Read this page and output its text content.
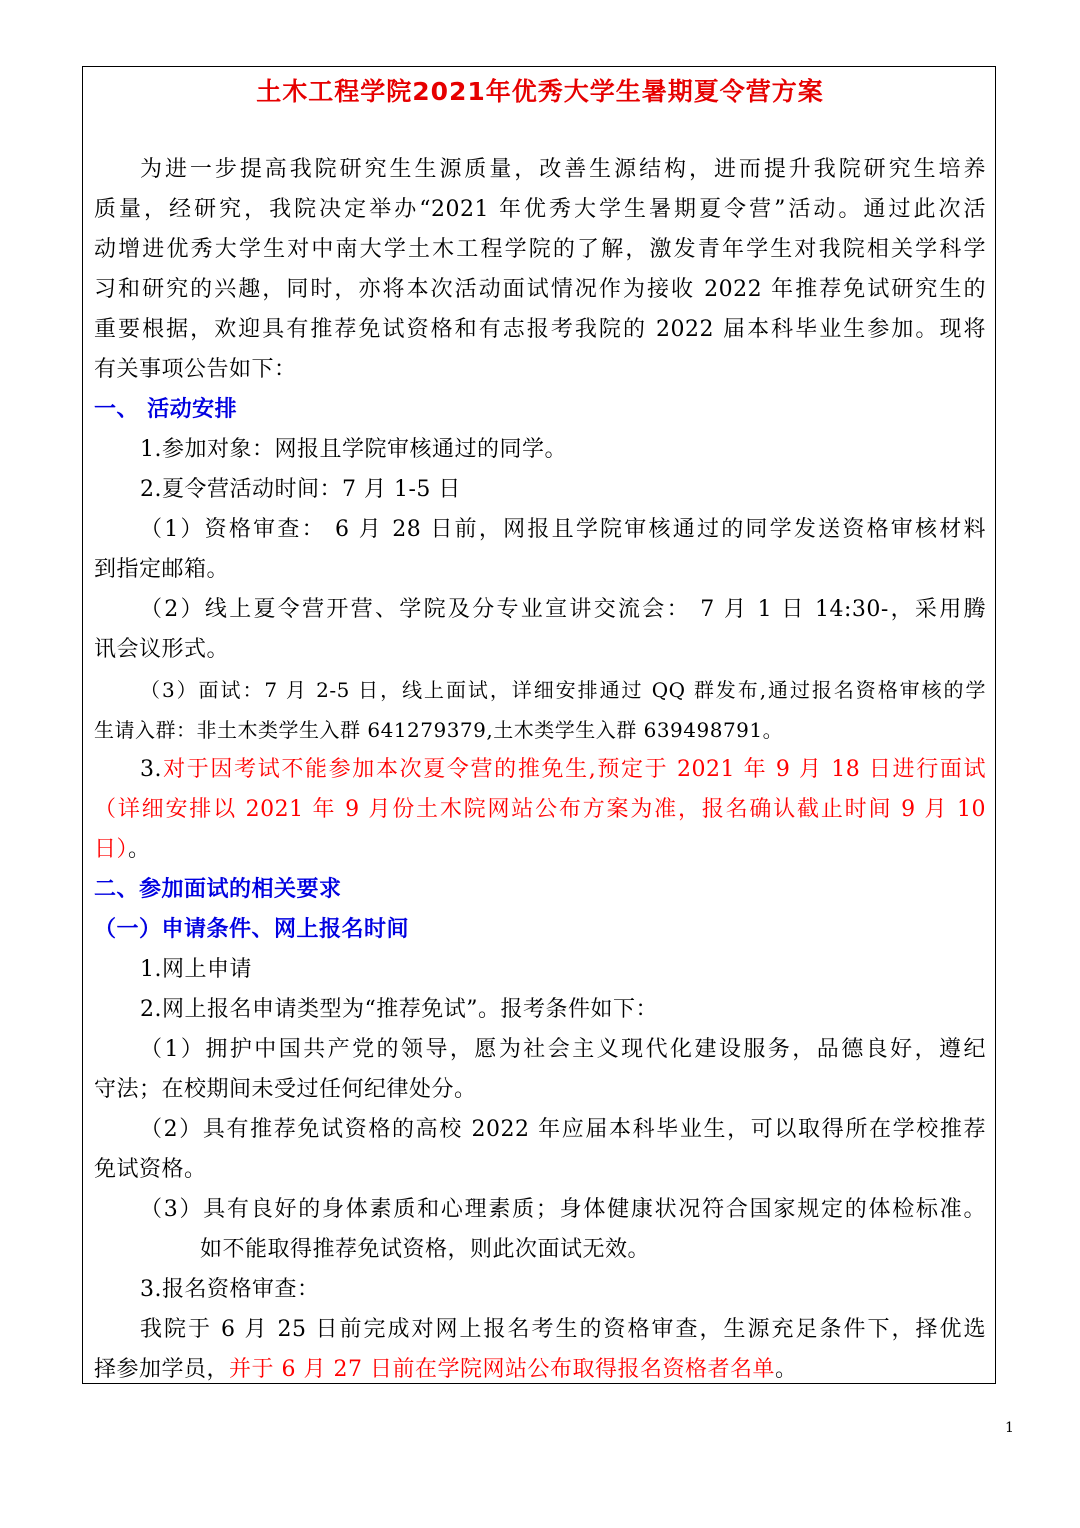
土木工程学院2021年优秀大学生暑期夏令营方案
为进一步提高我院研究生生源质量，改善生源结构，进而提升我院研究生培养
质量，经研究，我院决定举办“2021 年优秀大学生暑期夏令营”活动。通过此次活
动增进优秀大学生对中南大学土木工程学院的了解，激发青年学生对我院相关学科学
习和研究的兴趣，同时，亦将本次活动面试情况作为接收 2022 年推荐免试研究生的
重要根据，欢迎具有推荐免试资格和有志报考我院的 2022 届本科毕业生参加。现将
有关事项公告如下：
一、 活动安排
1.参加对象：网报且学院审核通过的同学。
2.夏令营活动时间：7 月 1-5 日
（1）资格审查： 6 月 28 日前，网报且学院审核通过的同学发送资格审核材料
到指定邮箱。
（2）线上夏令营开营、学院及分专业宣讲交流会： 7 月 1 日 14:30-，采用腾
讯会议形式。
（3）面试：7 月 2-5 日，线上面试，详细安排通过 QQ 群发布,通过报名资格审核的学
生请入群：非土木类学生入群 641279379,土木类学生入群 639498791。
3.对于因考试不能参加本次夏令营的推免生,预定于 2021 年 9 月 18 日进行面试
（详细安排以 2021 年 9 月份土木院网站公布方案为准，报名确认截止时间 9 月 10
日）。
二、参加面试的相关要求
（一）申请条件、网上报名时间
1.网上申请
2.网上报名申请类型为“推荐免试”。报考条件如下：
（1）拥护中国共产党的领导，愿为社会主义现代化建设服务，品德良好，遵纪
守法；在校期间未受过任何纪律处分。
（2）具有推荐免试资格的高校 2022 年应届本科毕业生，可以取得所在学校推荐
免试资格。
（3）具有良好的身体素质和心理素质；身体健康状况符合国家规定的体检标准。
如不能取得推荐免试资格，则此次面试无效。
3.报名资格审查：
我院于 6 月 25 日前完成对网上报名考生的资格审查，生源充足条件下，择优选
择参加学员，并于 6 月 27 日前在学院网站公布取得报名资格者名单。
1
